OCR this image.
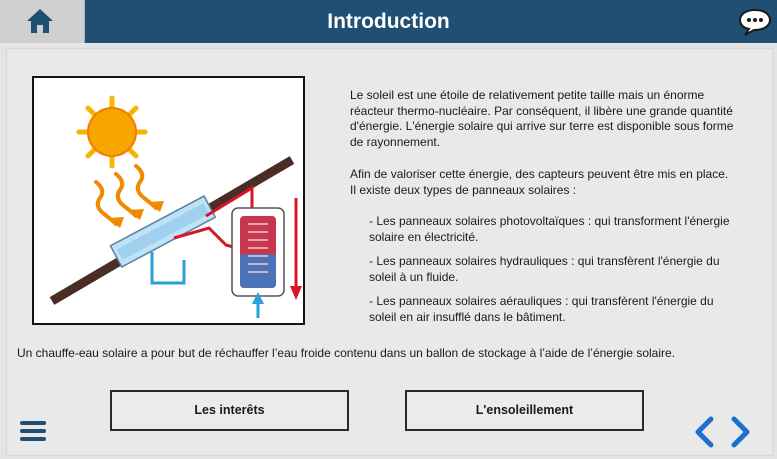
Introduction

Le soleil est une étoile de relativement petite taille mais un énorme réacteur thermo-nucléaire. Par conséquent, il libère une grande quantité d'énergie. L'énergie solaire qui arrive sur terre est disponible sous forme de rayonnement.

Afin de valoriser cette énergie, des capteurs peuvent être mis en place. Il existe deux types de panneaux solaires :

- Les panneaux solaires photovoltaïques : qui transforment l'énergie solaire en électricité.
- Les panneaux solaires hydrauliques : qui transfèrent l'énergie du soleil à un fluide.
- Les panneaux solaires aérauliques : qui transfèrent l'énergie du soleil en air insufflé dans le bâtiment.
Un chauffe-eau solaire a pour but de réchauffer l’eau froide contenu dans un ballon de stockage à l’aide de l’énergie solaire.
Les interêts	L'ensoleillement
